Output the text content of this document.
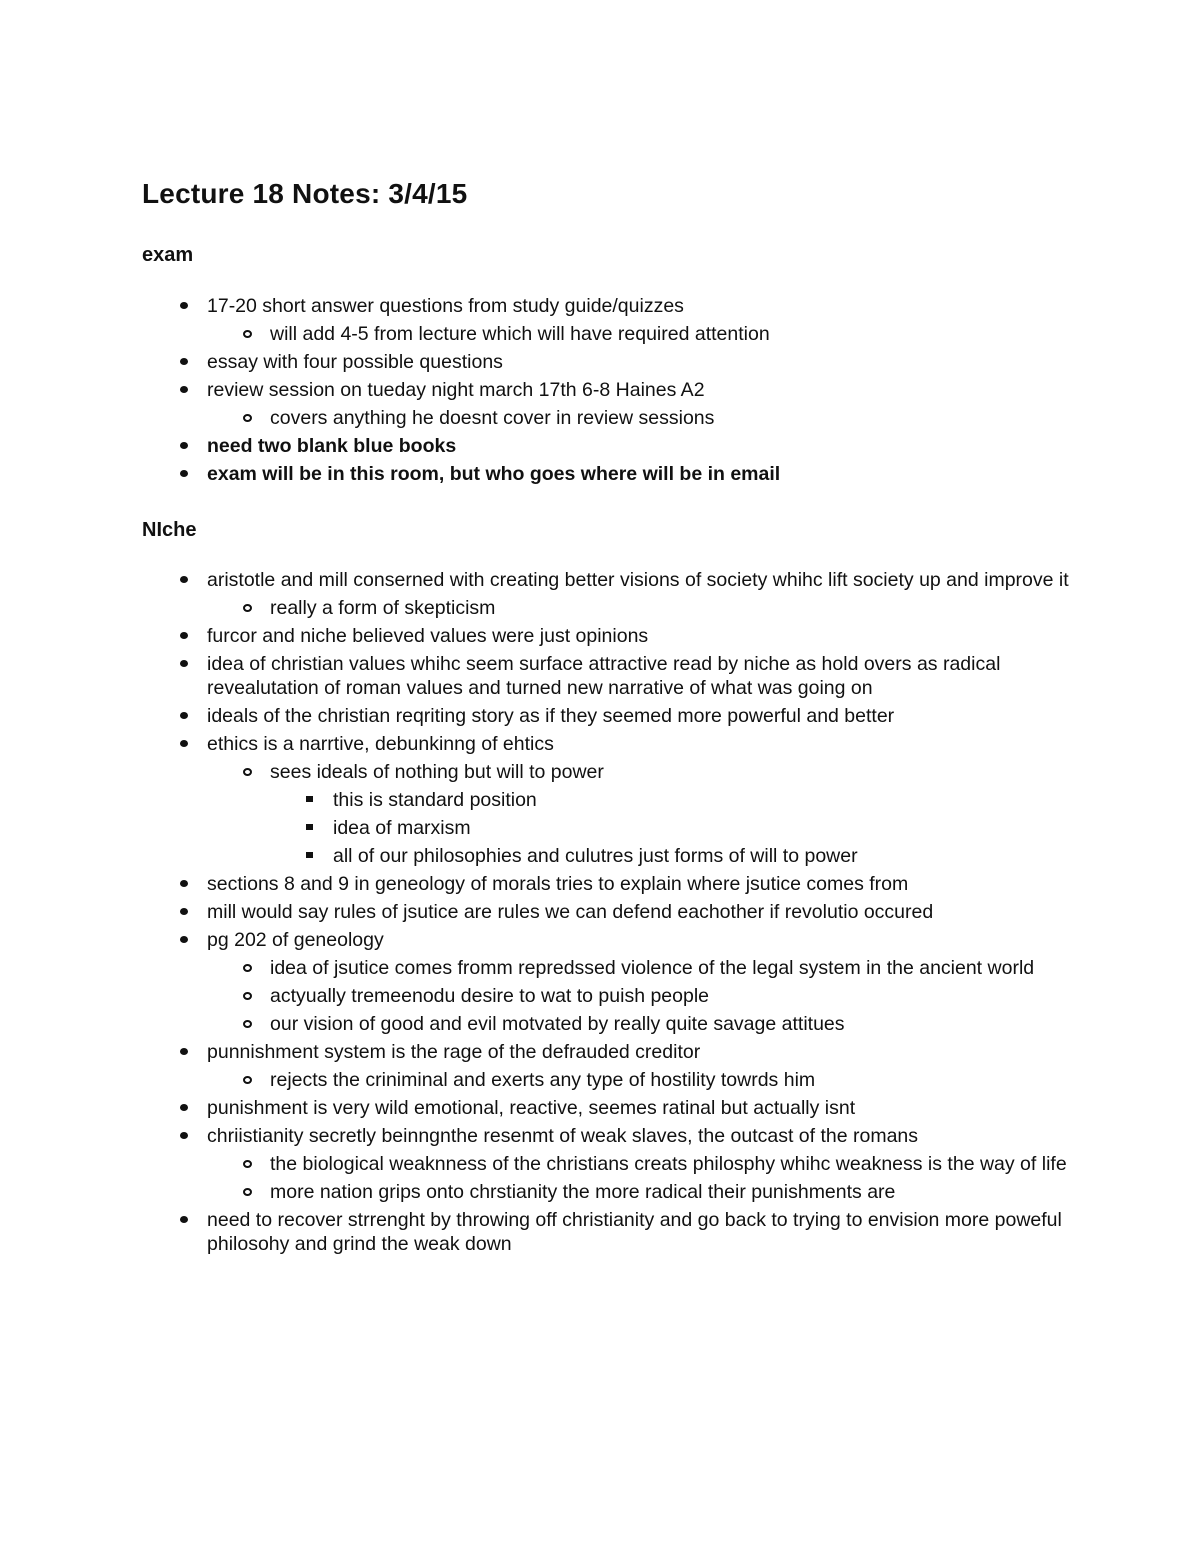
Lecture 18 Notes: 3/4/15
exam
17-20 short answer questions from study guide/quizzes
will add 4-5 from lecture which will have required attention
essay with four possible questions
review session on tueday night march 17th 6-8 Haines A2
covers anything he doesnt cover in review sessions
need two blank blue books
exam will be in this room, but who goes where will be in email
NIche
aristotle and mill conserned with creating better visions of society whihc lift society up and improve it
really a form of skepticism
furcor and niche believed values were just opinions
idea of christian values whihc seem surface attractive read by niche as hold overs as radical revealutation of roman values and turned new narrative of what was going on
ideals of the christian reqriting story as if they seemed more powerful and better
ethics is a narrtive, debunkinng of ehtics
sees ideals of nothing but will to power
this is standard position
idea of marxism
all of our philosophies and culutres just forms of will to power
sections 8 and 9 in geneology of morals tries to explain where jsutice comes from
mill would say rules of jsutice are rules we can defend eachother if revolutio occured
pg 202 of geneology
idea of jsutice comes fromm repredssed violence of the legal system in the ancient world
actyually tremeenodu desire to wat to puish people
our vision of good and evil motvated by really quite savage attitues
punnishment system is the rage of the defrauded creditor
rejects the criniminal and exerts any type of hostility towrds him
punishment is very wild emotional, reactive, seemes ratinal but actually isnt
chriistianity secretly beinngnthe resenmt of weak slaves, the outcast of the romans
the biological weaknness of the christians creats philosphy whihc weakness is the way of life
more nation grips onto chrstianity the more radical their punishments are
need to recover strrenght by throwing off christianity and go back to trying to envision more poweful philosohy and grind the weak down
